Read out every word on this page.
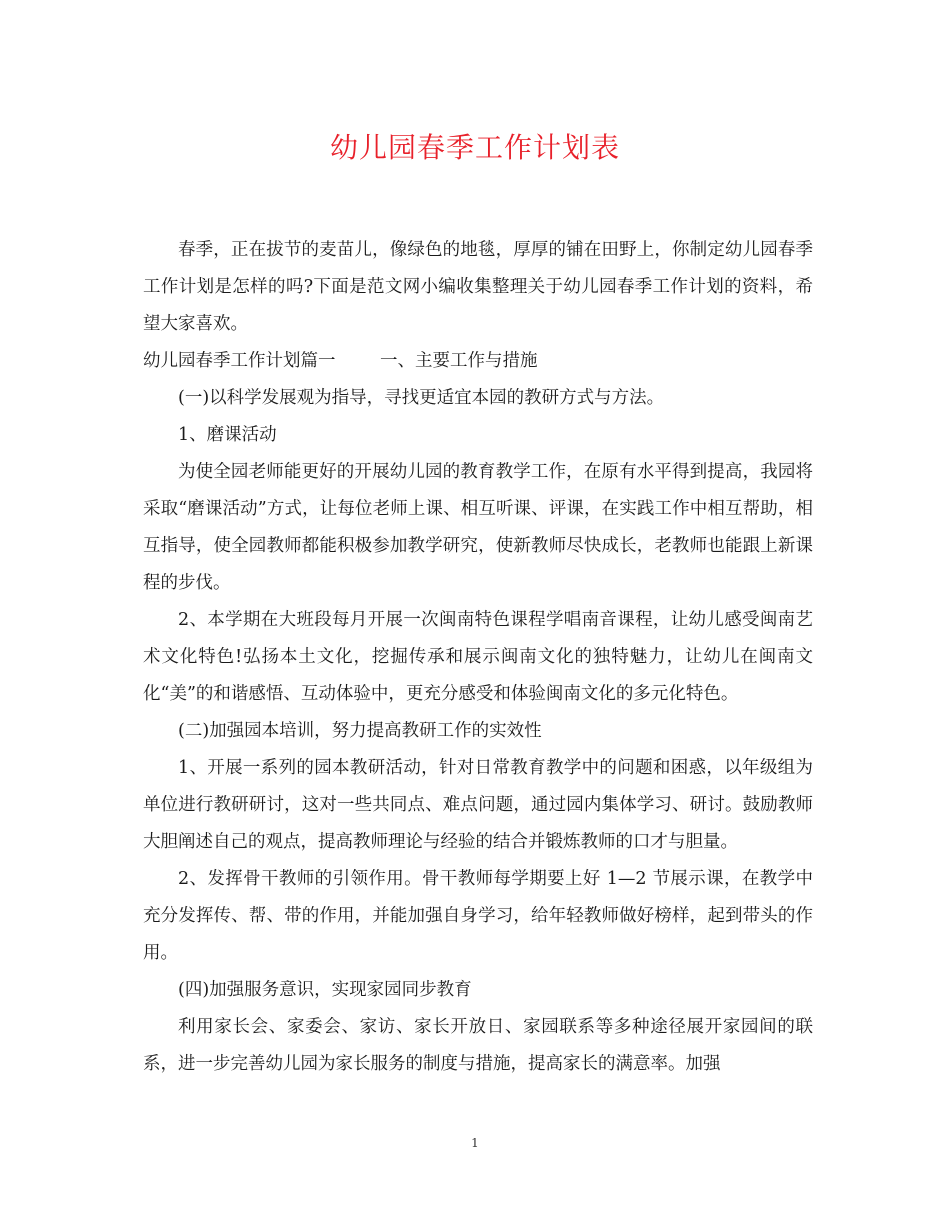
幼儿园春季工作计划表

春季，正在拔节的麦苗儿，像绿色的地毯，厚厚的铺在田野上，你制定幼儿园春季工作计划是怎样的吗?下面是范文网小编收集整理关于幼儿园春季工作计划的资料，希望大家喜欢。

幼儿园春季工作计划篇一        一、主要工作与措施

(一)以科学发展观为指导，寻找更适宜本园的教研方式与方法。

1、磨课活动

为使全园老师能更好的开展幼儿园的教育教学工作，在原有水平得到提高，我园将采取“磨课活动”方式，让每位老师上课、相互听课、评课，在实践工作中相互帮助，相互指导，使全园教师都能积极参加教学研究，使新教师尽快成长，老教师也能跟上新课程的步伐。

2、本学期在大班段每月开展一次闽南特色课程学唱南音课程，让幼儿感受闽南艺术文化特色!弘扬本土文化，挖掘传承和展示闽南文化的独特魅力，让幼儿在闽南文化“美”的和谐感悟、互动体验中，更充分感受和体验闽南文化的多元化特色。

(二)加强园本培训，努力提高教研工作的实效性

1、开展一系列的园本教研活动，针对日常教育教学中的问题和困惑，以年级组为单位进行教研研讨，这对一些共同点、难点问题，通过园内集体学习、研讨。鼓励教师大胆阐述自己的观点，提高教师理论与经验的结合并锻炼教师的口才与胆量。

2、发挥骨干教师的引领作用。骨干教师每学期要上好 1—2 节展示课，在教学中充分发挥传、帮、带的作用，并能加强自身学习，给年轻教师做好榜样，起到带头的作用。

(四)加强服务意识，实现家园同步教育

利用家长会、家委会、家访、家长开放日、家园联系等多种途径展开家园间的联系，进一步完善幼儿园为家长服务的制度与措施，提高家长的满意率。加强

1
